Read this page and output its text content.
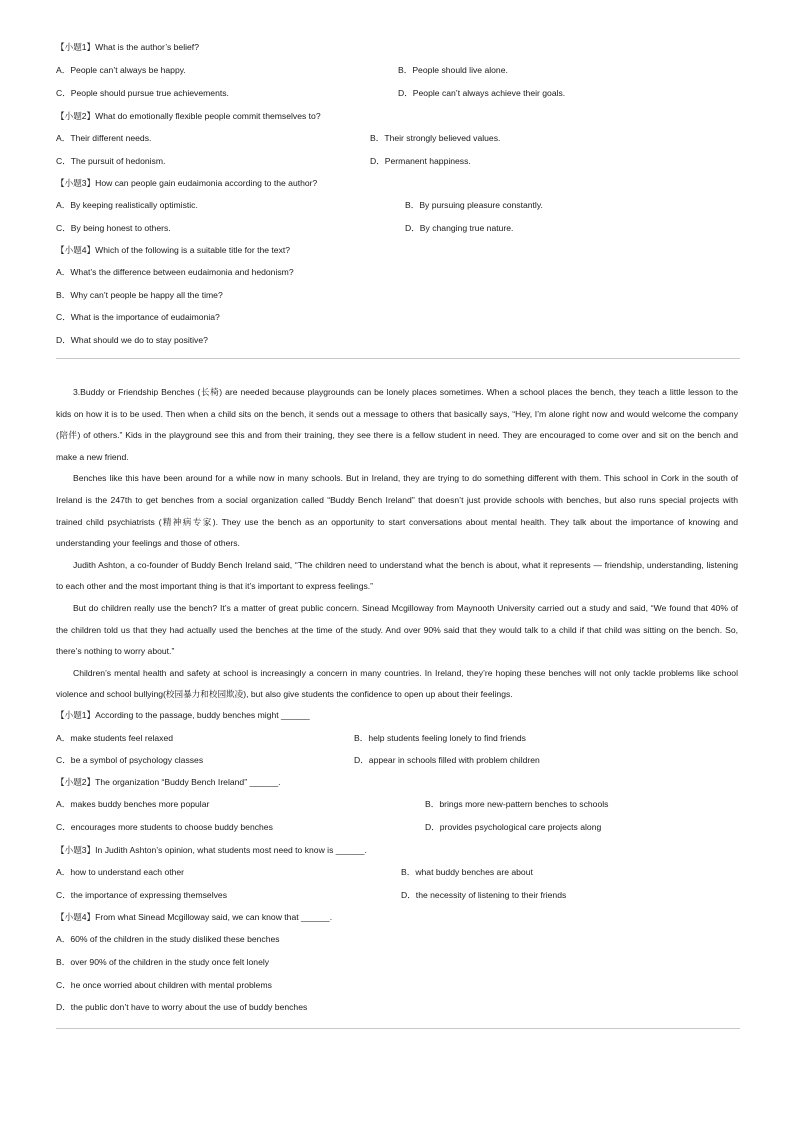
【小题1】What is the author’s belief?
A．People can’t always be happy.	B．People should live alone.
C．People should pursue true achievements.	D．People can’t always achieve their goals.
【小题2】What do emotionally flexible people commit themselves to?
A．Their different needs.	B．Their strongly believed values.
C．The pursuit of hedonism.	D．Permanent happiness.
【小题3】How can people gain eudaimonia according to the author?
A．By keeping realistically optimistic.	B．By pursuing pleasure constantly.
C．By being honest to others.	D．By changing true nature.
【小题4】Which of the following is a suitable title for the text?
A．What’s the difference between eudaimonia and hedonism?
B．Why can’t people be happy all the time?
C．What is the importance of eudaimonia?
D．What should we do to stay positive?

3.Buddy or Friendship Benches (长椅) are needed because playgrounds can be lonely places sometimes. When a school places the bench, they teach a little lesson to the kids on how it is to be used. Then when a child sits on the bench, it sends out a message to others that basically says, “Hey, I’m alone right now and would welcome the company (陪伴) of others.” Kids in the playground see this and from their training, they see there is a fellow student in need. They are encouraged to come over and sit on the bench and make a new friend.

Benches like this have been around for a while now in many schools. But in Ireland, they are trying to do something different with them. This school in Cork in the south of Ireland is the 247th to get benches from a social organization called “Buddy Bench Ireland” that doesn’t just provide schools with benches, but also runs special projects with trained child psychiatrists (精神病专家). They use the bench as an opportunity to start conversations about mental health. They talk about the importance of knowing and understanding your feelings and those of others.

Judith Ashton, a co-founder of Buddy Bench Ireland said, “The children need to understand what the bench is about, what it represents — friendship, understanding, listening to each other and the most important thing is that it’s important to express feelings.”

But do children really use the bench? It’s a matter of great public concern. Sinead Mcgilloway from Maynooth University carried out a study and said, “We found that 40% of the children told us that they had actually used the benches at the time of the study. And over 90% said that they would talk to a child if that child was sitting on the bench. So, there’s nothing to worry about.”

Children’s mental health and safety at school is increasingly a concern in many countries. In Ireland, they’re hoping these benches will not only tackle problems like school violence and school bullying(校园暴力和校园欺凌), but also give students the confidence to open up about their feelings.

【小题1】According to the passage, buddy benches might ______
A．make students feel relaxed	B．help students feeling lonely to find friends
C．be a symbol of psychology classes	D．appear in schools filled with problem children
【小题2】The organization “Buddy Bench Ireland” ______.
A．makes buddy benches more popular	B．brings more new-pattern benches to schools
C．encourages more students to choose buddy benches	D．provides psychological care projects along
【小题3】In Judith Ashton’s opinion, what students most need to know is ______.
A．how to understand each other	B．what buddy benches are about
C．the importance of expressing themselves	D．the necessity of listening to their friends
【小题4】From what Sinead Mcgilloway said, we can know that ______.
A．60% of the children in the study disliked these benches
B．over 90% of the children in the study once felt lonely
C．he once worried about children with mental problems
D．the public don’t have to worry about the use of buddy benches
